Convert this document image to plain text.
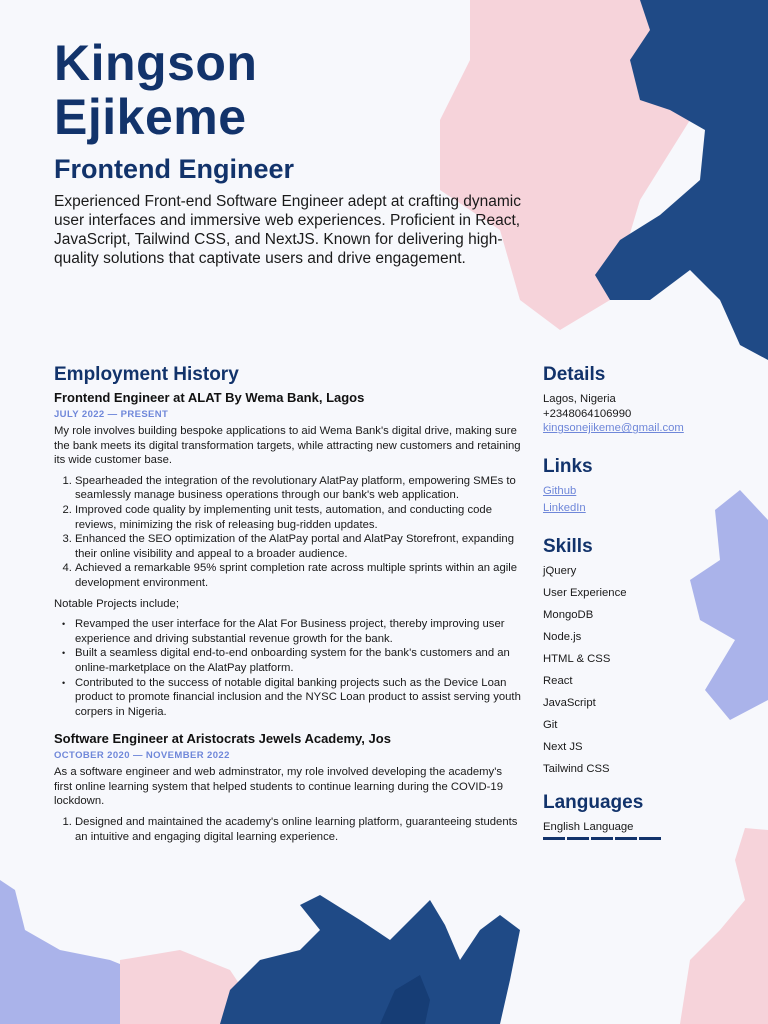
Kingson
Ejikeme
Frontend Engineer
Experienced Front-end Software Engineer adept at crafting dynamic user interfaces and immersive web experiences. Proficient in React, JavaScript, Tailwind CSS, and NextJS. Known for delivering high-quality solutions that captivate users and drive engagement.
Employment History
Frontend Engineer at ALAT By Wema Bank, Lagos
JULY 2022 — PRESENT

My role involves building bespoke applications to aid Wema Bank's digital drive, making sure the bank meets its digital transformation targets, while attracting new customers and retaining its wide customer base.

1. Spearheaded the integration of the revolutionary AlatPay platform, empowering SMEs to seamlessly manage business operations through our bank's web application.
2. Improved code quality by implementing unit tests, automation, and conducting code reviews, minimizing the risk of releasing bug-ridden updates.
3. Enhanced the SEO optimization of the AlatPay portal and AlatPay Storefront, expanding their online visibility and appeal to a broader audience.
4. Achieved a remarkable 95% sprint completion rate across multiple sprints within an agile development environment.

Notable Projects include;

• Revamped the user interface for the Alat For Business project, thereby improving user experience and driving substantial revenue growth for the bank.
• Built a seamless digital end-to-end onboarding system for the bank's customers and an online-marketplace on the AlatPay platform.
• Contributed to the success of notable digital banking projects such as the Device Loan product to promote financial inclusion and the NYSC Loan product to assist serving youth corpers in Nigeria.
Software Engineer at Aristocrats Jewels Academy, Jos
OCTOBER 2020 — NOVEMBER 2022

As a software engineer and web adminstrator, my role involved developing the academy's first online learning system that helped students to continue learning during the COVID-19 lockdown.

1. Designed and maintained the academy's online learning platform, guaranteeing students an intuitive and engaging digital learning experience.
Details
Lagos, Nigeria
+2348064106990
kingsonejikeme@gmail.com
Links
Github
LinkedIn
Skills
jQuery
User Experience
MongoDB
Node.js
HTML & CSS
React
JavaScript
Git
Next JS
Tailwind CSS
Languages
English Language
